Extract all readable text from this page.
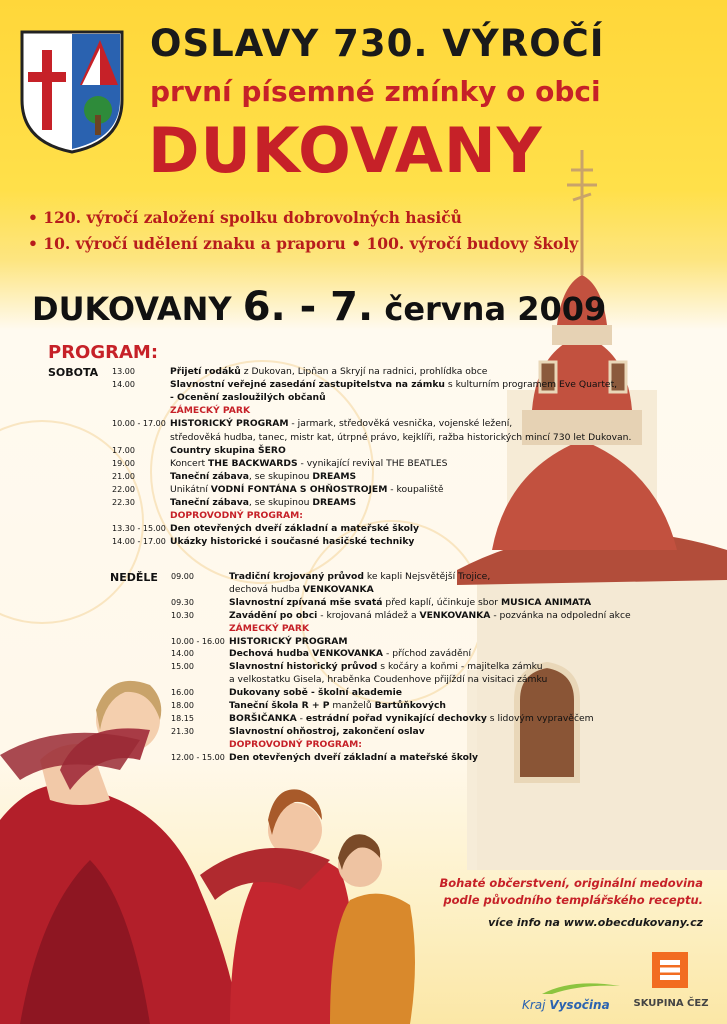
OSLAVY 730. VÝROČÍ
první písemné zmínky o obci
DUKOVANY
• 120. výročí založení spolku dobrovolných hasičů
• 10. výročí udělení znaku a praporu • 100. výročí budovy školy
DUKOVANY 6. - 7. června 2009
PROGRAM:
SOBOTA 13.00	Přijetí rodáků z Dukovan, Lipňan a Skryjí na radnici, prohlídka obce
14.00	Slavnostní veřejné zasedání zastupitelstva na zámku s kulturním programem Eve Quartet,
- Ocenění zasloužilých občanů
ZÁMECKÝ PARK
10.00 - 17.00 HISTORICKÝ PROGRAM - jarmark, středověká vesnička, vojenské ležení,
středověká hudba, tanec, mistr kat, útrpné právo, kejklíři, ražba historických mincí 730 let Dukovan.
17.00	Country skupina ŠERO
19.00	Koncert THE BACKWARDS - vynikající revival THE BEATLES
21.00	Taneční zábava, se skupinou DREAMS
22.00	Unikátní VODNÍ FONTÁNA S OHŇOSTROJEM - koupaliště
22.30	Taneční zábava, se skupinou DREAMS
DOPROVODNÝ PROGRAM:
13.30 - 15.00 Den otevřených dveří základní a mateřské školy
14.00 - 17.00 Ukázky historické i současné hasičské techniky
NEDĚLE 09.00	Tradiční krojovaný průvod ke kapli Nejsvětější Trojice,
dechová hudba VENKOVANKA
09.30	Slavnostní zpívaná mše svatá před kaplí, účinkuje sbor MUSICA ANIMATA
10.30	Zavádění po obci - krojovaná mládež a VENKOVANKA - pozvánka na odpolední akce
ZÁMECKÝ PARK
10.00 - 16.00 HISTORICKÝ PROGRAM
14.00	Dechová hudba VENKOVANKA - příchod zavádění
15.00	Slavnostní historický průvod s kočáry a koňmi - majitelka zámku
a velkostatku Gisela, hraběnka Coudenhove přijíždí na visitaci zámku
16.00	Dukovany sobě - školní akademie
18.00	Taneční škola R + P manželů Bartůňkových
18.15	BORŠIČANKA - estrádní pořad vynikající dechovky s lidovým vypravěčem
21.30	Slavnostní ohňostroj, zakončení oslav
DOPROVODNÝ PROGRAM:
12.00 - 15.00 Den otevřených dveří základní a mateřské školy
Bohaté občerstvení, originální medovina
podle původního templářského receptu.
více info na www.obecdukovany.cz
Kraj Vysočina	SKUPINA ČEZ
